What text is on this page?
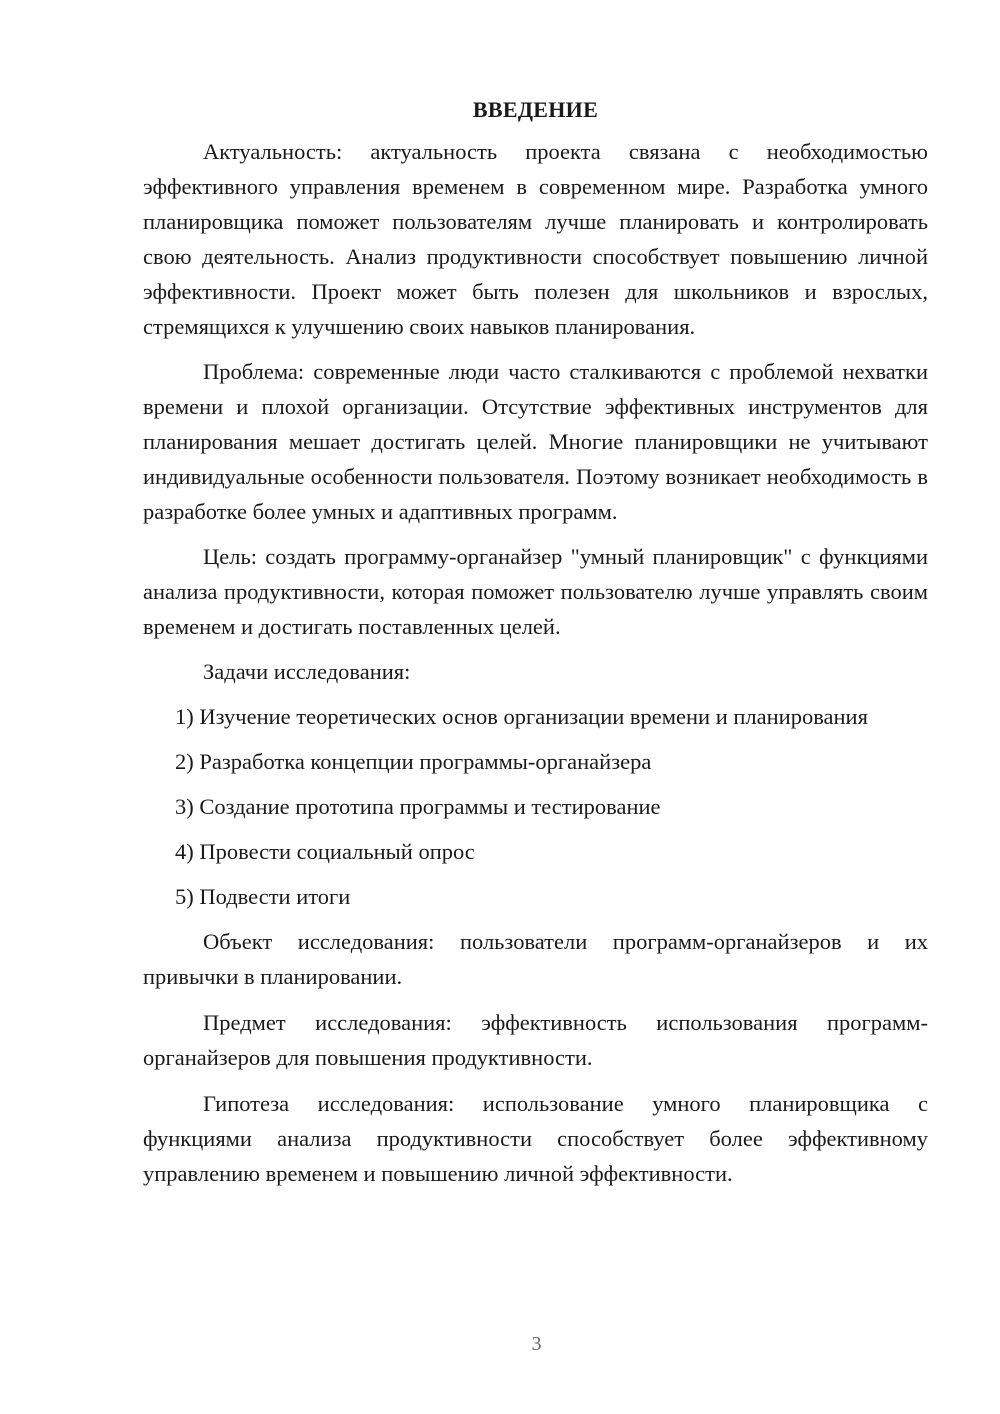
ВВЕДЕНИЕ

Актуальность: актуальность проекта связана с необходимостью эффективного управления временем в современном мире. Разработка умного планировщика поможет пользователям лучше планировать и контролировать свою деятельность. Анализ продуктивности способствует повышению личной эффективности. Проект может быть полезен для школьников и взрослых, стремящихся к улучшению своих навыков планирования.

Проблема: современные люди часто сталкиваются с проблемой нехватки времени и плохой организации. Отсутствие эффективных инструментов для планирования мешает достигать целей. Многие планировщики не учитывают индивидуальные особенности пользователя. Поэтому возникает необходимость в разработке более умных и адаптивных программ.

Цель: создать программу-органайзер "умный планировщик" с функциями анализа продуктивности, которая поможет пользователю лучше управлять своим временем и достигать поставленных целей.

Задачи исследования:

1) Изучение теоретических основ организации времени и планирования

2) Разработка концепции программы-органайзера

3) Создание прототипа программы и тестирование

4) Провести социальный опрос

5) Подвести итоги

Объект исследования: пользователи программ-органайзеров и их привычки в планировании.

Предмет исследования: эффективность использования программ-органайзеров для повышения продуктивности.

Гипотеза исследования: использование умного планировщика с функциями анализа продуктивности способствует более эффективному управлению временем и повышению личной эффективности.

3
